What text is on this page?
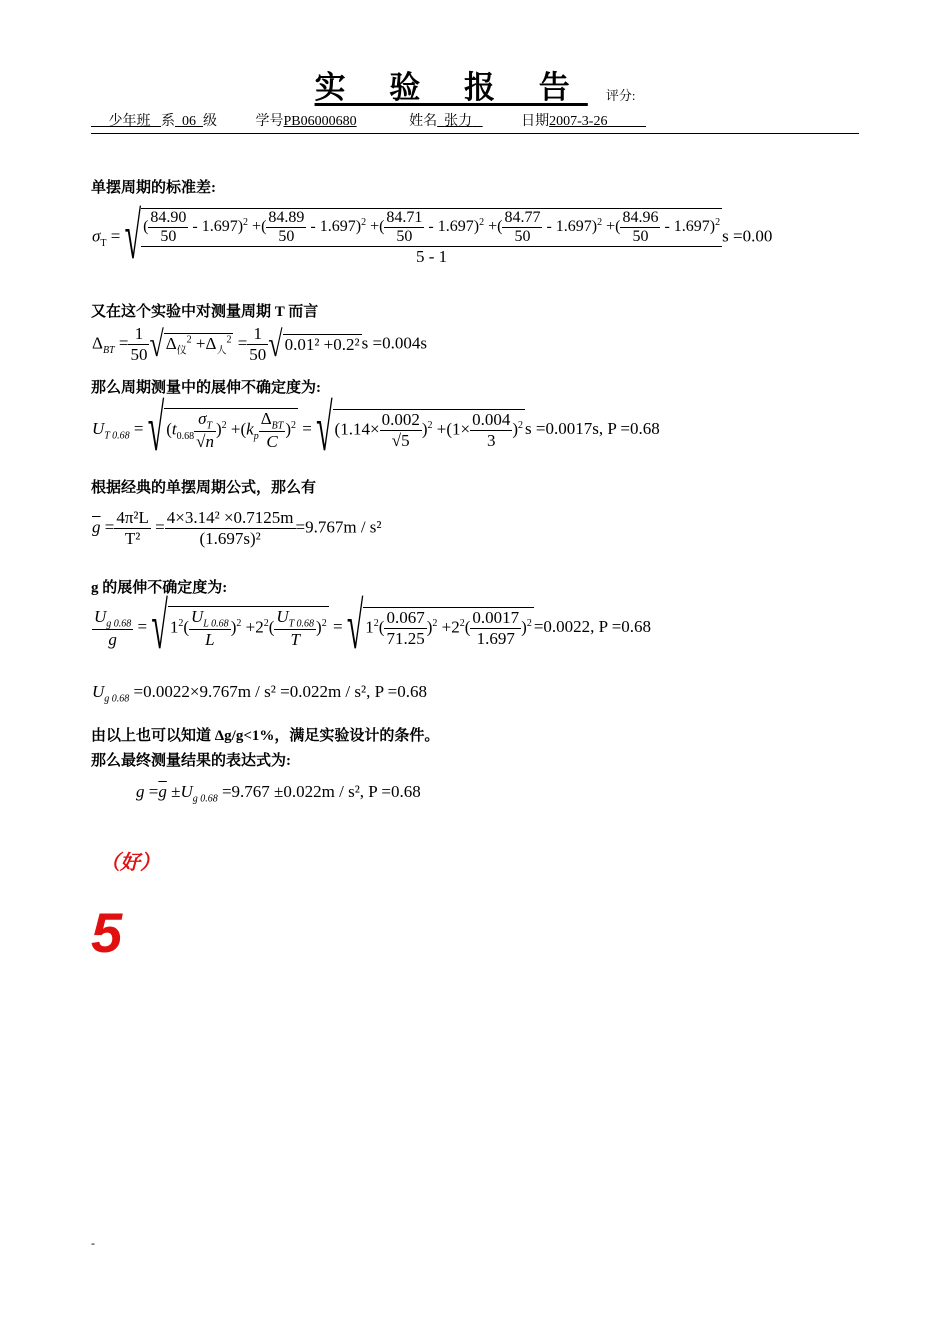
实 验 报 告 评分:
少年班 系 06 级	学号PB06000680	姓名 张力	日期2007-3-26
单摆周期的标准差:
$\sigma_T$ = √ ( $\frac{84.90}{50} - 1.697)^2$ +( $\frac{84.89}{50} - 1.697)^2$ +( $\frac{84.71}{50} - 1.697)^2$ +( $\frac{84.77}{50} - 1.697)^2$ +( $\frac{84.96}{50} - 1.697)^2$
5 - 1
s =0.00
又在这个实验中对测量周期 T 而言
$\Delta_{BT} = \frac{1}{50}$ √ $\Delta_仪^2 +\Delta_人^2 = \frac{1}{50}$ √ 0.01² +0.2² s =0.004s
那么周期测量中的展伸不确定度为:
$U_{T 0.68}$ = √ $(t_{0.68} \frac{\sigma_T}{√n} )^2 +(k_p \frac{\Delta_{BT}}{C} )^2$ = √ $(1.14\times \frac{0.002}{√5} )^2 +(1\times \frac{0.004}{3} )^2$ s =0.0017s, P =0.68
根据经典的单摆周期公式，那么有
$\overline{g} = \frac{\text{4π²L}}{\text{T²}} = \frac{\text{4×3.14² ×0.7125m}}{\text{(1.697s)²}} =9.767m / s^2$
g 的展伸不确定度为:
$\frac{U_{g 0.68}}{g}$ = √ $1^2( \frac{U_{L 0.68}}{L} )^2 +2^2( \frac{U_{T 0.68}}{T} )^2$ = √ $1^2( \frac{0.067}{71.25} )^2 +2^2( \frac{0.0017}{1.697} )^2 =0.0022$, P =0.68
$U_{g 0.68} =0.0022\times 9.767m / s^2 =0.022m / s^2$, P =0.68
由以上也可以知道 Δg/g<1%，满足实验设计的条件。
那么最终测量结果的表达式为:
$g =\overline{g} \pm U_{g 0.68} =9.767 \pm 0.022m / s^2$, P =0.68
（好）
5
-
